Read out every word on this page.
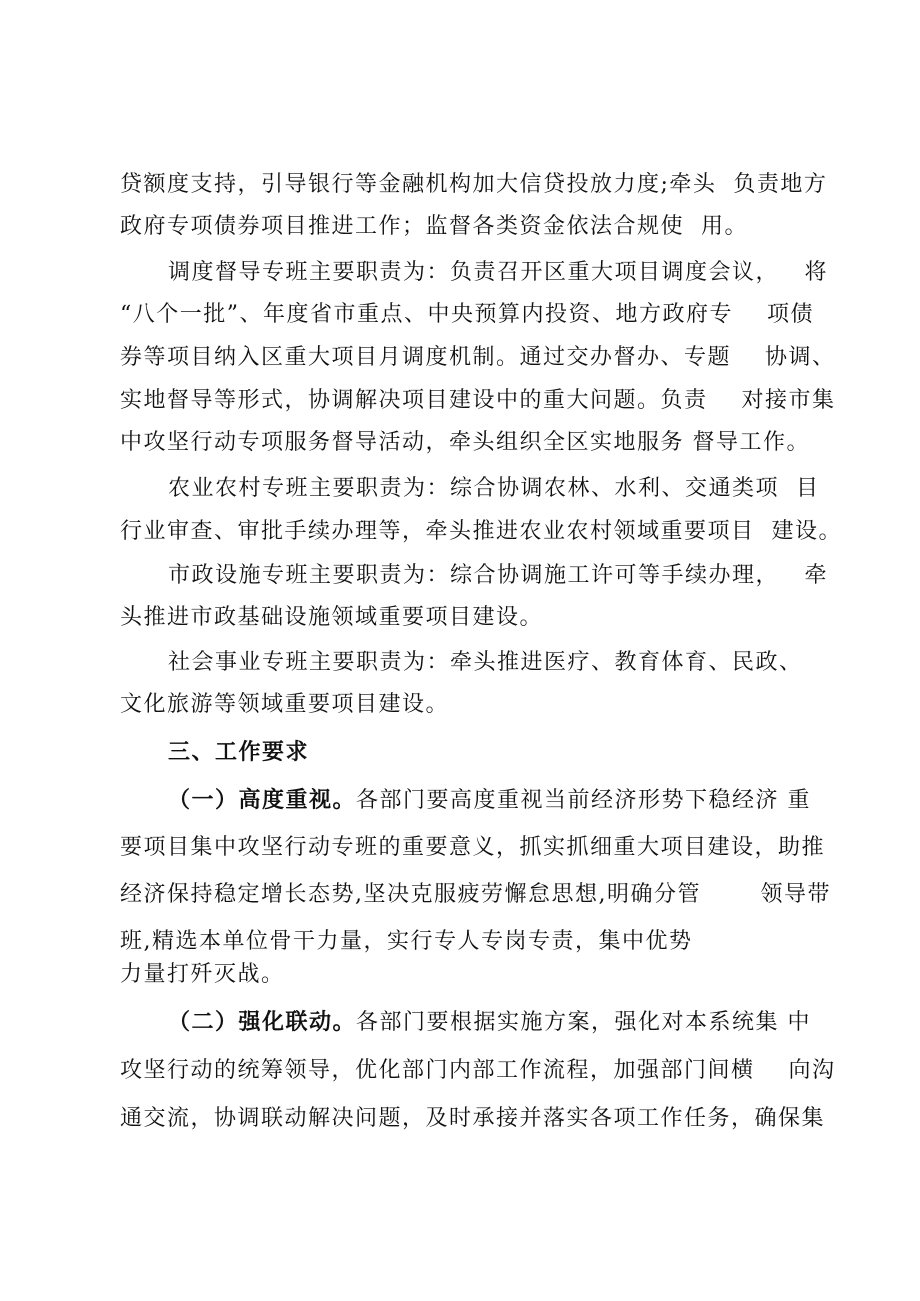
贷额度支持，引导银行等金融机构加大信贷投放力度;牵头  负责地方
政府专项债券项目推进工作；监督各类资金依法合规使  用。
调度督导专班主要职责为：负责召开区重大项目调度会议，   将
“八个一批”、年度省市重点、中央预算内投资、地方政府专    项债
券等项目纳入区重大项目月调度机制。通过交办督办、专题    协调、
实地督导等形式，协调解决项目建设中的重大问题。负责    对接市集
中攻坚行动专项服务督导活动，牵头组织全区实地服务 督导工作。
农业农村专班主要职责为：综合协调农林、水利、交通类项  目
行业审查、审批手续办理等，牵头推进农业农村领域重要项目  建设。
市政设施专班主要职责为：综合协调施工许可等手续办理，   牵
头推进市政基础设施领域重要项目建设。
社会事业专班主要职责为：牵头推进医疗、教育体育、民政、
文化旅游等领域重要项目建设。
三、工作要求
（一）高度重视。各部门要高度重视当前经济形势下稳经济 重
要项目集中攻坚行动专班的重要意义，抓实抓细重大项目建设，助推
经济保持稳定增长态势,坚决克服疲劳懈怠思想,明确分管       领导带
班,精选本单位骨干力量，实行专人专岗专责，集中优势
力量打歼灭战。
（二）强化联动。各部门要根据实施方案，强化对本系统集 中
攻坚行动的统筹领导，优化部门内部工作流程，加强部门间横    向沟
通交流，协调联动解决问题，及时承接并落实各项工作任务，确保集
